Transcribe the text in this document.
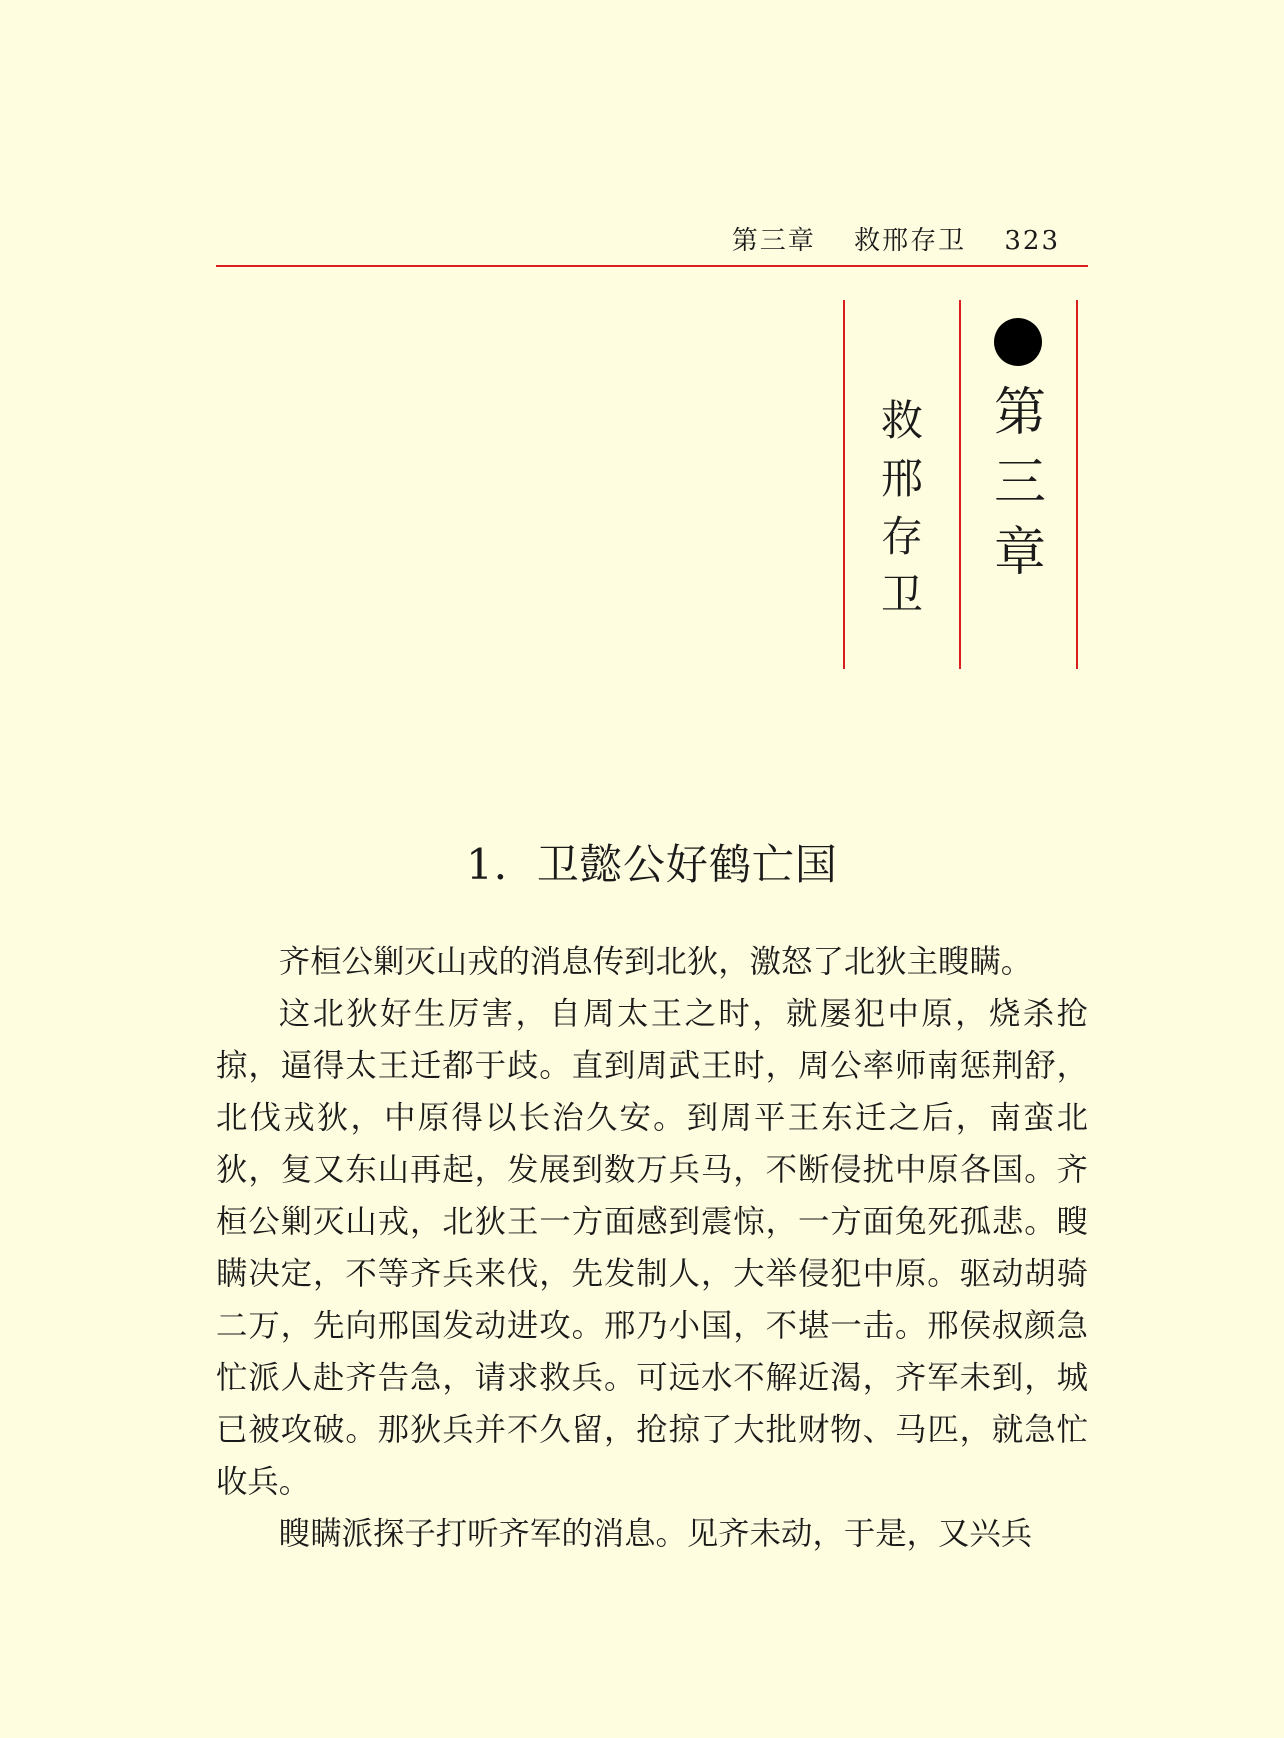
第三章 救邢存卫 323
第
三
章
救
邢
存
卫
1．卫懿公好鹤亡国

齐桓公剿灭山戎的消息传到北狄，激怒了北狄主瞍瞒。

这北狄好生厉害，自周太王之时，就屡犯中原，烧杀抢掠，逼得太王迁都于歧。直到周武王时，周公率师南惩荆舒，北伐戎狄，中原得以长治久安。到周平王东迁之后，南蛮北狄，复又东山再起，发展到数万兵马，不断侵扰中原各国。齐桓公剿灭山戎，北狄王一方面感到震惊，一方面兔死孤悲。瞍瞒决定，不等齐兵来伐，先发制人，大举侵犯中原。驱动胡骑二万，先向邢国发动进攻。邢乃小国，不堪一击。邢侯叔颜急忙派人赴齐告急，请求救兵。可远水不解近渴，齐军未到，城已被攻破。那狄兵并不久留，抢掠了大批财物、马匹，就急忙收兵。

瞍瞒派探子打听齐军的消息。见齐未动，于是，又兴兵
